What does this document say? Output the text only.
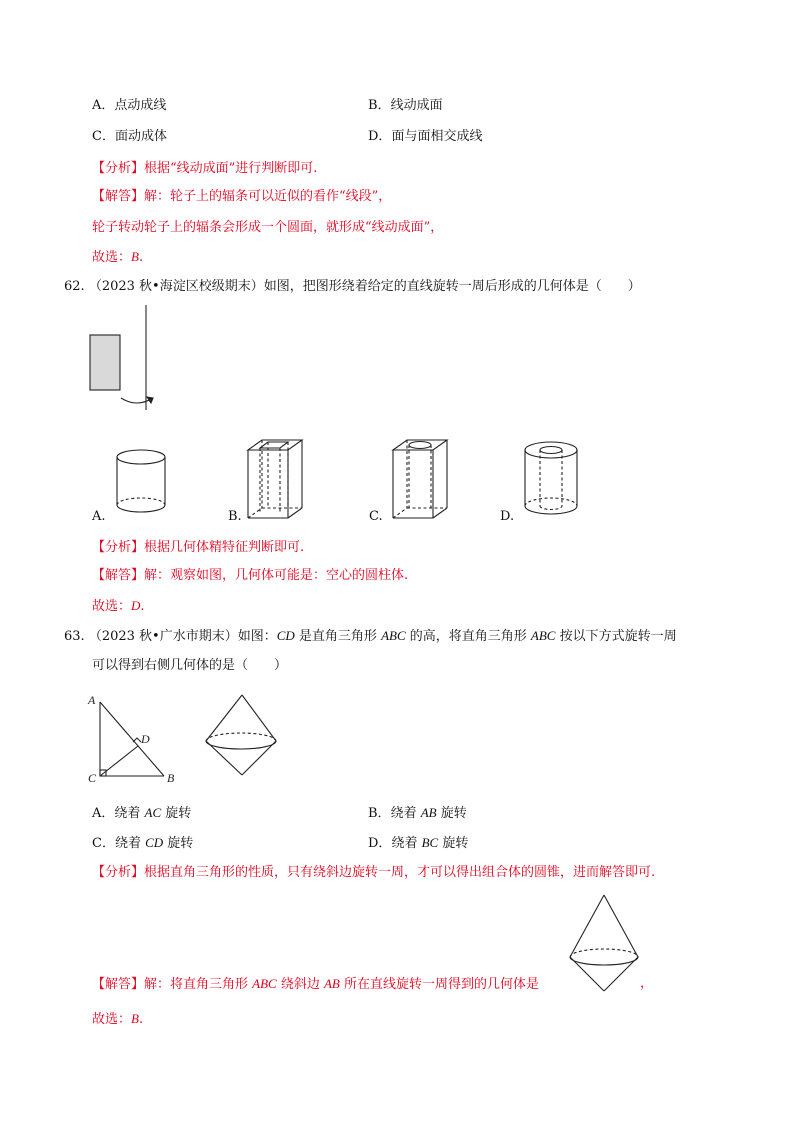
A．点动成线	B．线动成面
C．面动成体	D．面与面相交成线
【分析】根据“线动成面”进行判断即可.
【解答】解：轮子上的辐条可以近似的看作“线段”，
轮子转动轮子上的辐条会形成一个圆面，就形成“线动成面”，
故选：B.
62. （2023 秋•海淀区校级期末）如图，把图形绕着给定的直线旋转一周后形成的几何体是（　　）
A.	B.	C.	D.
【分析】根据几何体精特征判断即可.
【解答】解：观察如图，几何体可能是：空心的圆柱体.
故选：D.
63. （2023 秋•广水市期末）如图：CD 是直角三角形 ABC 的高，将直角三角形 ABC 按以下方式旋转一周
可以得到右侧几何体的是（　　）
A
D
C	B
A．绕着 AC 旋转	B．绕着 AB 旋转
C．绕着 CD 旋转	D．绕着 BC 旋转
【分析】根据直角三角形的性质，只有绕斜边旋转一周，才可以得出组合体的圆锥，进而解答即可.
【解答】解：将直角三角形 ABC 绕斜边 AB 所在直线旋转一周得到的几何体是	，
故选：B.
